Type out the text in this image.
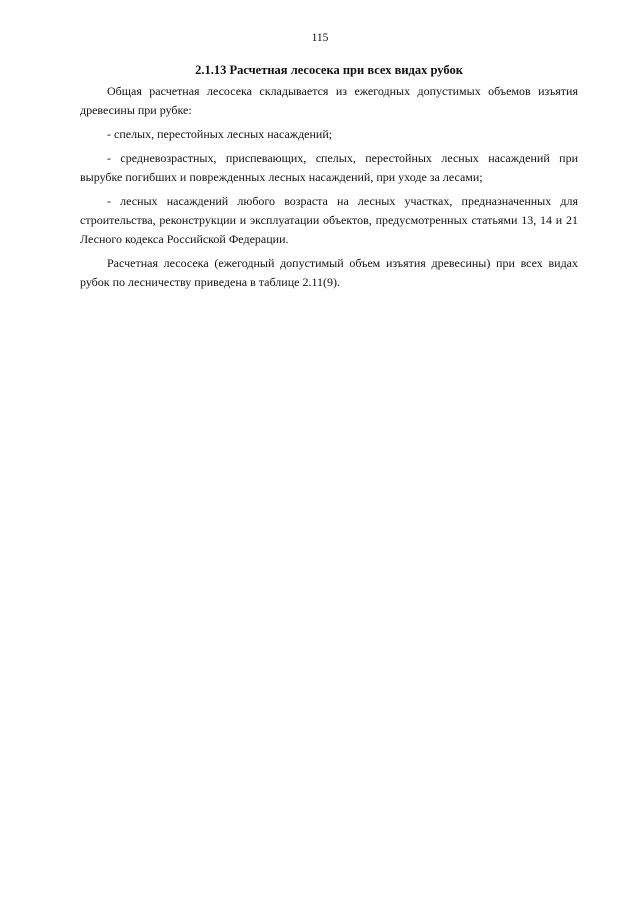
115
2.1.13 Расчетная лесосека при всех видах рубок

Общая расчетная лесосека складывается из ежегодных допустимых объемов изъятия древесины при рубке:

- спелых, перестойных лесных насаждений;

- средневозрастных, приспевающих, спелых, перестойных лесных насаждений при вырубке погибших и поврежденных лесных насаждений, при уходе за лесами;

- лесных насаждений любого возраста на лесных участках, предназначенных для строительства, реконструкции и эксплуатации объектов, предусмотренных статьями 13, 14 и 21 Лесного кодекса Российской Федерации.

Расчетная лесосека (ежегодный допустимый объем изъятия древесины) при всех видах рубок по лесничеству приведена в таблице 2.11(9).
